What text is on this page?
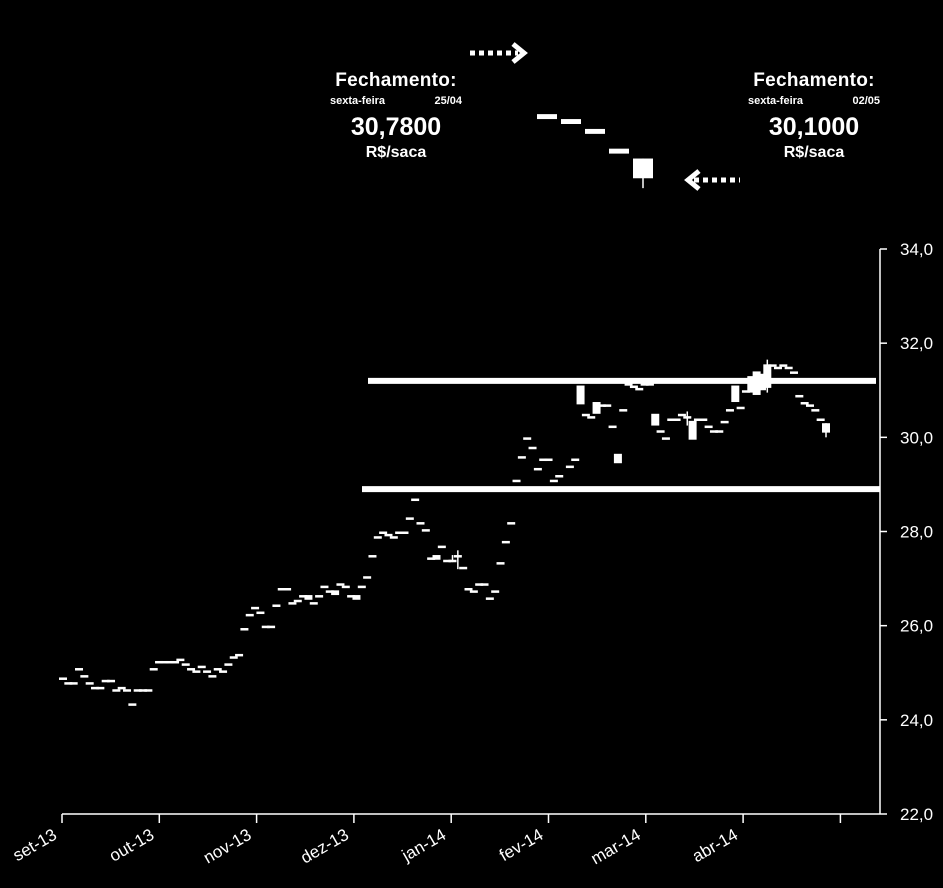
22,0
24,0
26,0
28,0
30,0
32,0
34,0
set-13	out-13	nov-13	dez-13	jan-14	fev-14 mar-14	abr-14
Fechamento:
sexta-feira	25/04
30,7800
R$/saca
Fechamento:
sexta-feira	02/05
30,1000
R$/saca
